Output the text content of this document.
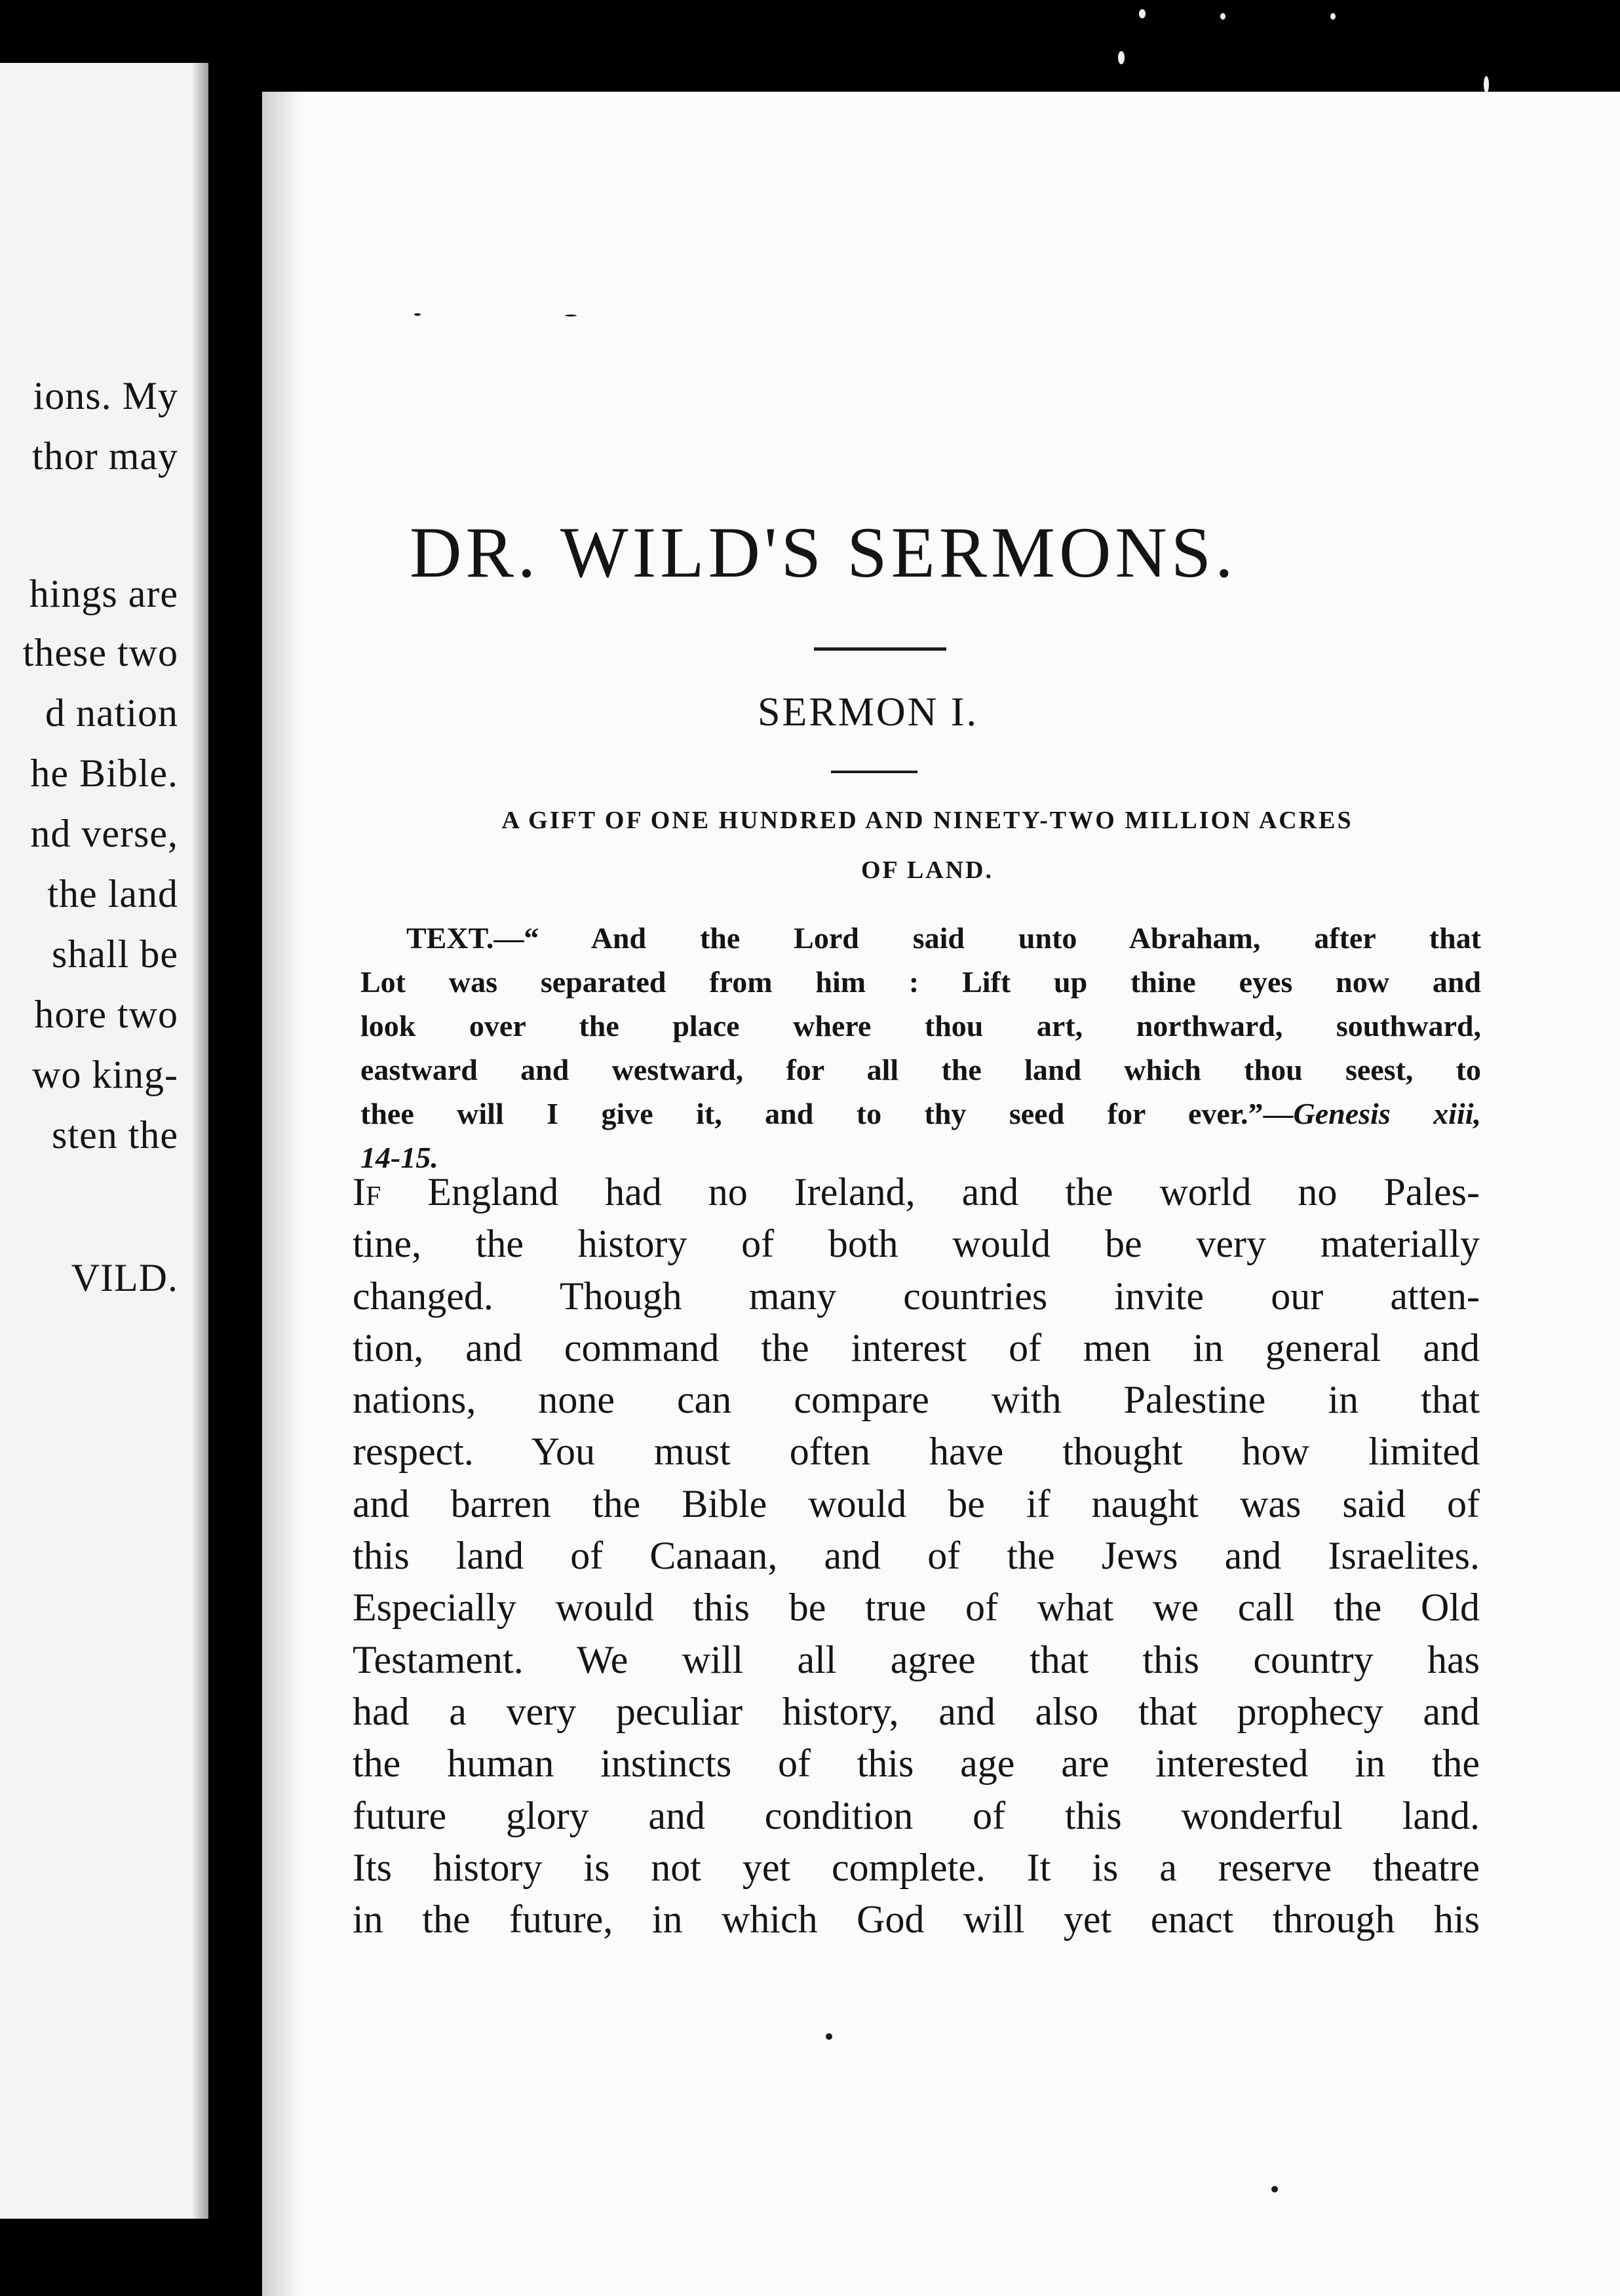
ions. My
thor may
hings are
these two
d nation
he Bible.
nd verse,
the land
shall be
hore two
wo king-
sten the
VILD.
DR. WILD'S SERMONS.
SERMON I.
A GIFT OF ONE HUNDRED AND NINETY-TWO MILLION ACRES
OF LAND.
TEXT.—“ And the Lord said unto Abraham, after that
Lot was separated from him : Lift up thine eyes now and
look over the place where thou art, northward, southward,
eastward and westward, for all the land which thou seest, to
thee will I give it, and to thy seed for ever.”—Genesis xiii,
14-15.
If England had no Ireland, and the world no Pales-
tine, the history of both would be very materially
changed. Though many countries invite our atten-
tion, and command the interest of men in general and
nations, none can compare with Palestine in that
respect. You must often have thought how limited
and barren the Bible would be if naught was said of
this land of Canaan, and of the Jews and Israelites.
Especially would this be true of what we call the Old
Testament. We will all agree that this country has
had a very peculiar history, and also that prophecy and
the human instincts of this age are interested in the
future glory and condition of this wonderful land.
Its history is not yet complete. It is a reserve theatre
in the future, in which God will yet enact through his
